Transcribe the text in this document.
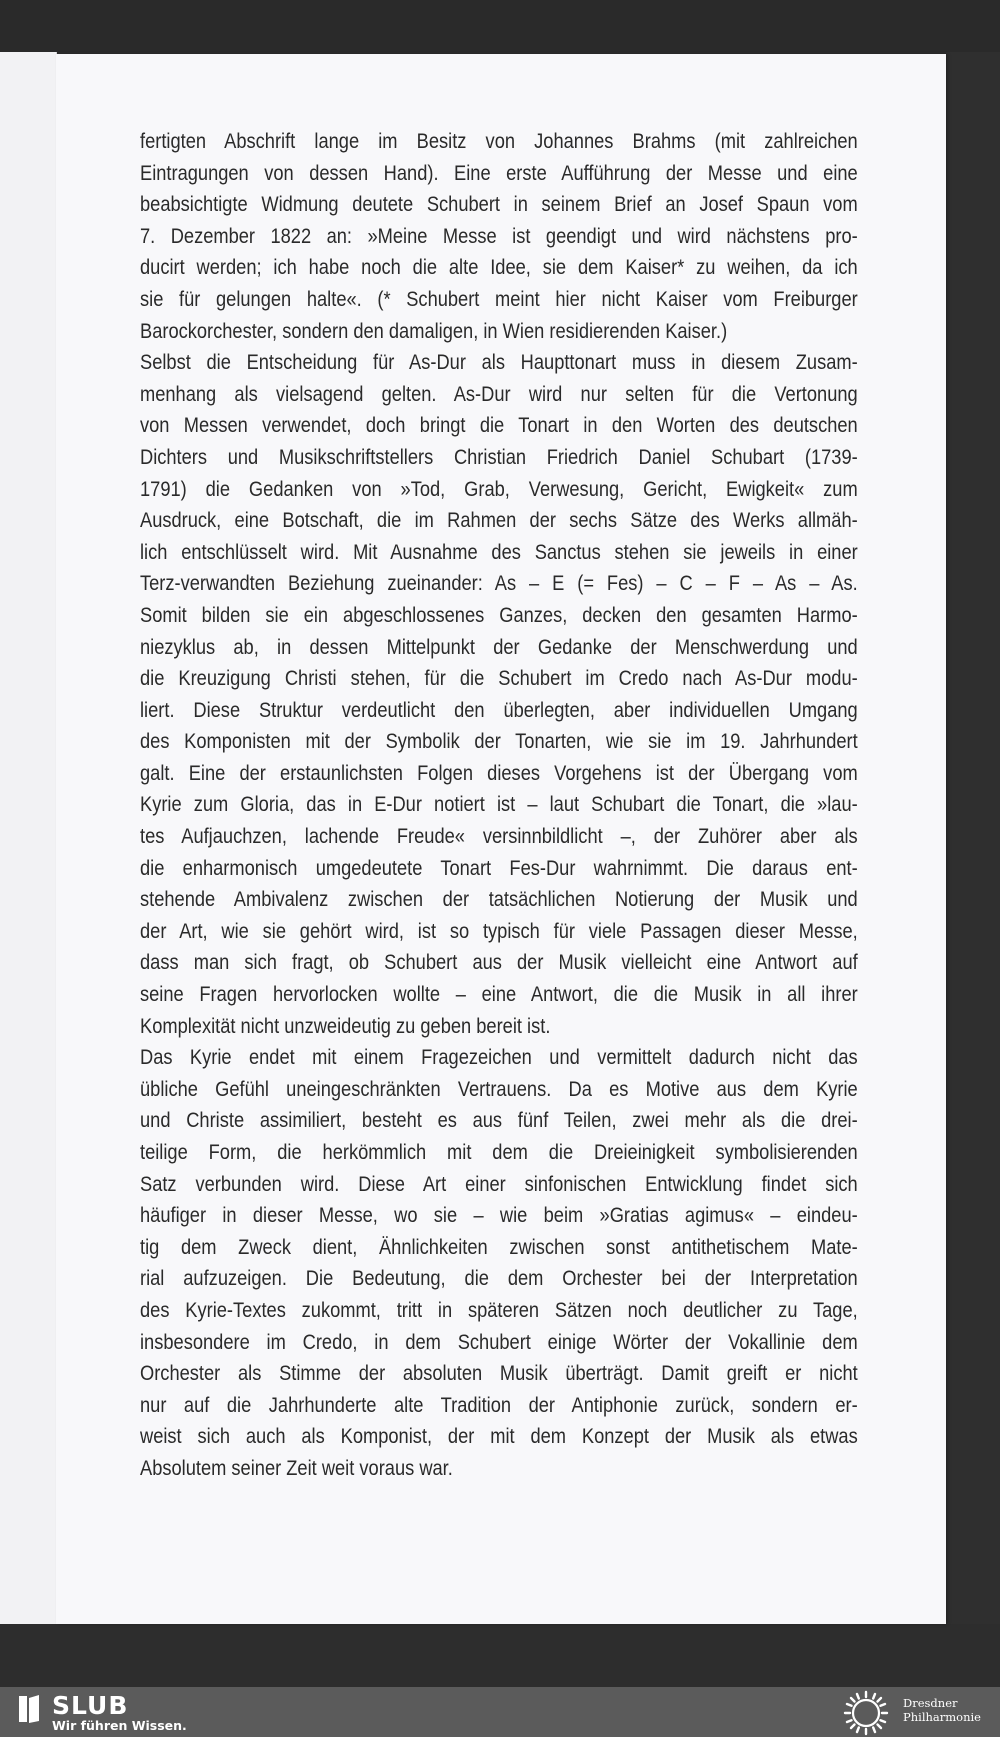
fertigten Abschrift lange im Besitz von Johannes Brahms (mit zahlreichen
Eintragungen von dessen Hand). Eine erste Aufführung der Messe und eine
beabsichtigte Widmung deutete Schubert in seinem Brief an Josef Spaun vom
7. Dezember 1822 an: »Meine Messe ist geendigt und wird nächstens pro-
ducirt werden; ich habe noch die alte Idee, sie dem Kaiser* zu weihen, da ich
sie für gelungen halte«. (* Schubert meint hier nicht Kaiser vom Freiburger
Barockorchester, sondern den damaligen, in Wien residierenden Kaiser.)
Selbst die Entscheidung für As-Dur als Haupttonart muss in diesem Zusam-
menhang als vielsagend gelten. As-Dur wird nur selten für die Vertonung
von Messen verwendet, doch bringt die Tonart in den Worten des deutschen
Dichters und Musikschriftstellers Christian Friedrich Daniel Schubart (1739-
1791) die Gedanken von »Tod, Grab, Verwesung, Gericht, Ewigkeit« zum
Ausdruck, eine Botschaft, die im Rahmen der sechs Sätze des Werks allmäh-
lich entschlüsselt wird. Mit Ausnahme des Sanctus stehen sie jeweils in einer
Terz-verwandten Beziehung zueinander: As – E (= Fes) – C – F – As – As.
Somit bilden sie ein abgeschlossenes Ganzes, decken den gesamten Harmo-
niezyklus ab, in dessen Mittelpunkt der Gedanke der Menschwerdung und
die Kreuzigung Christi stehen, für die Schubert im Credo nach As-Dur modu-
liert. Diese Struktur verdeutlicht den überlegten, aber individuellen Umgang
des Komponisten mit der Symbolik der Tonarten, wie sie im 19. Jahrhundert
galt. Eine der erstaunlichsten Folgen dieses Vorgehens ist der Übergang vom
Kyrie zum Gloria, das in E-Dur notiert ist – laut Schubart die Tonart, die »lau-
tes Aufjauchzen, lachende Freude« versinnbildlicht –, der Zuhörer aber als
die enharmonisch umgedeutete Tonart Fes-Dur wahrnimmt. Die daraus ent-
stehende Ambivalenz zwischen der tatsächlichen Notierung der Musik und
der Art, wie sie gehört wird, ist so typisch für viele Passagen dieser Messe,
dass man sich fragt, ob Schubert aus der Musik vielleicht eine Antwort auf
seine Fragen hervorlocken wollte – eine Antwort, die die Musik in all ihrer
Komplexität nicht unzweideutig zu geben bereit ist.
Das Kyrie endet mit einem Fragezeichen und vermittelt dadurch nicht das
übliche Gefühl uneingeschränkten Vertrauens. Da es Motive aus dem Kyrie
und Christe assimiliert, besteht es aus fünf Teilen, zwei mehr als die drei-
teilige Form, die herkömmlich mit dem die Dreieinigkeit symbolisierenden
Satz verbunden wird. Diese Art einer sinfonischen Entwicklung findet sich
häufiger in dieser Messe, wo sie – wie beim »Gratias agimus« – eindeu-
tig dem Zweck dient, Ähnlichkeiten zwischen sonst antithetischem Mate-
rial aufzuzeigen. Die Bedeutung, die dem Orchester bei der Interpretation
des Kyrie-Textes zukommt, tritt in späteren Sätzen noch deutlicher zu Tage,
insbesondere im Credo, in dem Schubert einige Wörter der Vokallinie dem
Orchester als Stimme der absoluten Musik überträgt. Damit greift er nicht
nur auf die Jahrhunderte alte Tradition der Antiphonie zurück, sondern er-
weist sich auch als Komponist, der mit dem Konzept der Musik als etwas
Absolutem seiner Zeit weit voraus war.
SLUB
Wir führen Wissen.
Dresdner
Philharmonie
